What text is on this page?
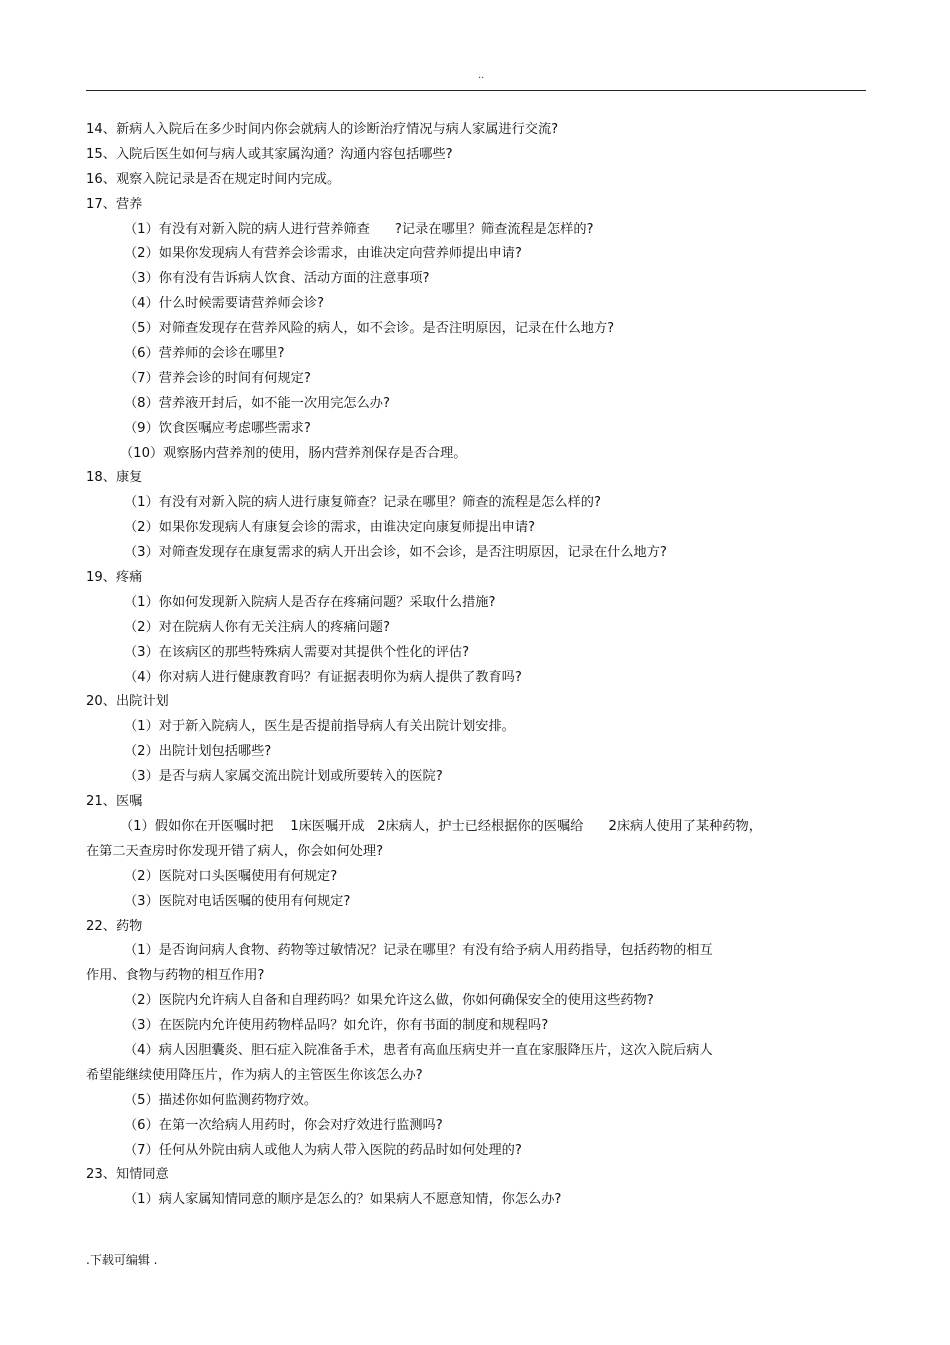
..
14、新病人入院后在多少时间内你会就病人的诊断治疗情况与病人家属进行交流?
15、入院后医生如何与病人或其家属沟通？沟通内容包括哪些?
16、观察入院记录是否在规定时间内完成。
17、营养
（1）有没有对新入院的病人进行营养筛查      ?记录在哪里？筛查流程是怎样的?
（2）如果你发现病人有营养会诊需求，由谁决定向营养师提出申请?
（3）你有没有告诉病人饮食、活动方面的注意事项?
（4）什么时候需要请营养师会诊?
（5）对筛查发现存在营养风险的病人，如不会诊。是否注明原因，记录在什么地方?
（6）营养师的会诊在哪里?
（7）营养会诊的时间有何规定?
（8）营养液开封后，如不能一次用完怎么办?
（9）饮食医嘱应考虑哪些需求?
（10）观察肠内营养剂的使用，肠内营养剂保存是否合理。
18、康复
（1）有没有对新入院的病人进行康复筛查？记录在哪里？筛查的流程是怎么样的?
（2）如果你发现病人有康复会诊的需求，由谁决定向康复师提出申请?
（3）对筛查发现存在康复需求的病人开出会诊，如不会诊，是否注明原因，记录在什么地方?
19、疼痛
（1）你如何发现新入院病人是否存在疼痛问题？采取什么措施?
（2）对在院病人你有无关注病人的疼痛问题?
（3）在该病区的那些特殊病人需要对其提供个性化的评估?
（4）你对病人进行健康教育吗？有证据表明你为病人提供了教育吗?
20、出院计划
（1）对于新入院病人，医生是否提前指导病人有关出院计划安排。
（2）出院计划包括哪些?
（3）是否与病人家属交流出院计划或所要转入的医院?
21、医嘱
（1）假如你在开医嘱时把    1床医嘱开成   2床病人，护士已经根据你的医嘱给      2床病人使用了某种药物，
在第二天查房时你发现开错了病人，你会如何处理?
（2）医院对口头医嘱使用有何规定?
（3）医院对电话医嘱的使用有何规定?
22、药物
（1）是否询问病人食物、药物等过敏情况？记录在哪里？有没有给予病人用药指导，包括药物的相互
作用、食物与药物的相互作用?
（2）医院内允许病人自备和自理药吗？如果允许这么做，你如何确保安全的使用这些药物?
（3）在医院内允许使用药物样品吗？如允许，你有书面的制度和规程吗?
（4）病人因胆囊炎、胆石症入院准备手术，患者有高血压病史并一直在家服降压片，这次入院后病人
希望能继续使用降压片，作为病人的主管医生你该怎么办?
（5）描述你如何监测药物疗效。
（6）在第一次给病人用药时，你会对疗效进行监测吗?
（7）任何从外院由病人或他人为病人带入医院的药品时如何处理的?
23、知情同意
（1）病人家属知情同意的顺序是怎么的？如果病人不愿意知情，你怎么办?
.下载可编辑 .
